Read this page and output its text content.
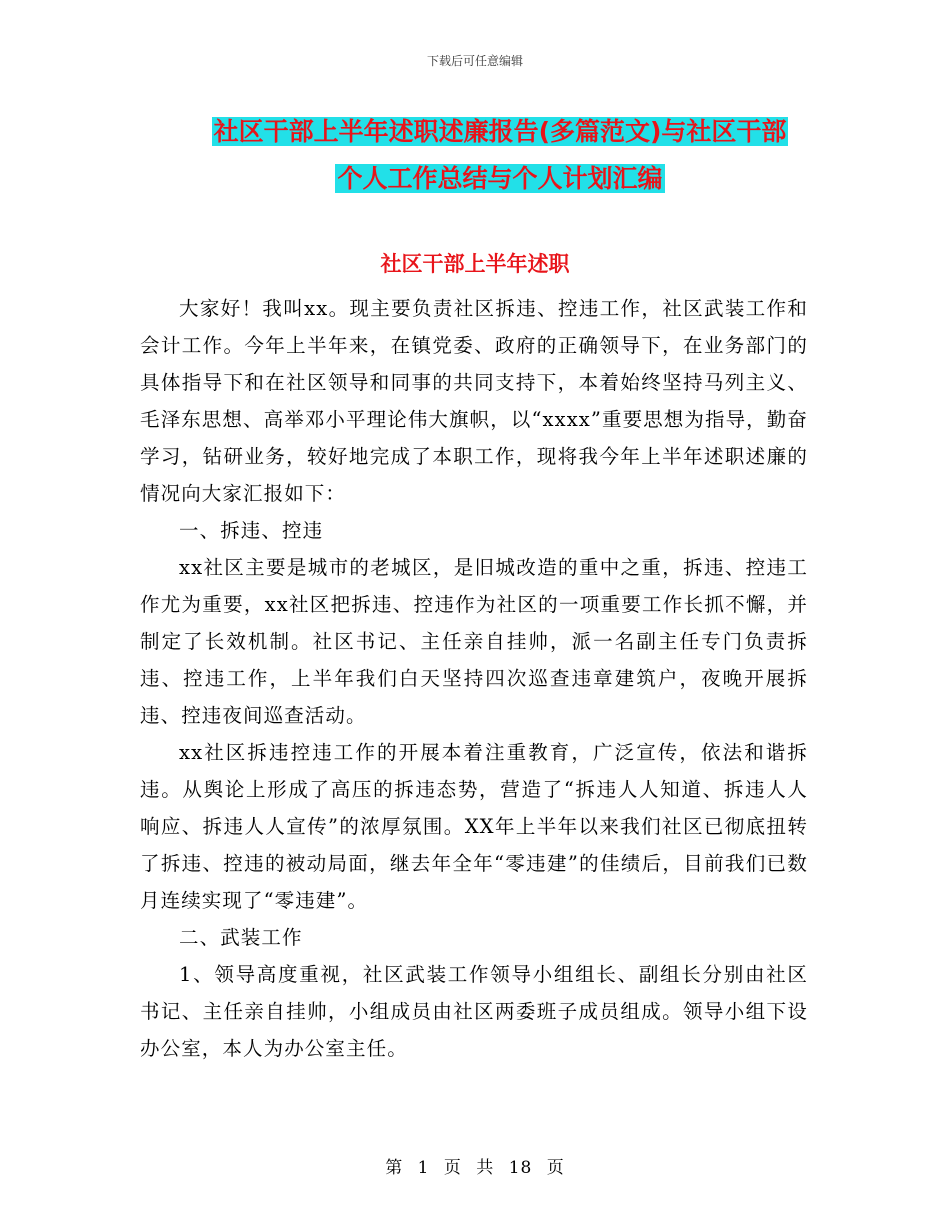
下载后可任意编辑
社区干部上半年述职述廉报告(多篇范文)与社区干部
个人工作总结与个人计划汇编
社区干部上半年述职

大家好！我叫xx。现主要负责社区拆违、控违工作，社区武装工作和会计工作。今年上半年来，在镇党委、政府的正确领导下，在业务部门的具体指导下和在社区领导和同事的共同支持下，本着始终坚持马列主义、毛泽东思想、高举邓小平理论伟大旗帜，以“xxxx”重要思想为指导，勤奋学习，钻研业务，较好地完成了本职工作，现将我今年上半年述职述廉的情况向大家汇报如下：

一、拆违、控违

xx社区主要是城市的老城区，是旧城改造的重中之重，拆违、控违工作尤为重要，xx社区把拆违、控违作为社区的一项重要工作长抓不懈，并制定了长效机制。社区书记、主任亲自挂帅，派一名副主任专门负责拆违、控违工作，上半年我们白天坚持四次巡查违章建筑户，夜晚开展拆违、控违夜间巡查活动。

xx社区拆违控违工作的开展本着注重教育，广泛宣传，依法和谐拆违。从舆论上形成了高压的拆违态势，营造了“拆违人人知道、拆违人人响应、拆违人人宣传”的浓厚氛围。XX年上半年以来我们社区已彻底扭转了拆违、控违的被动局面，继去年全年“零违建”的佳绩后，目前我们已数月连续实现了“零违建”。

二、武装工作

1、领导高度重视，社区武装工作领导小组组长、副组长分别由社区书记、主任亲自挂帅，小组成员由社区两委班子成员组成。领导小组下设办公室，本人为办公室主任。

第 1 页 共 18 页
